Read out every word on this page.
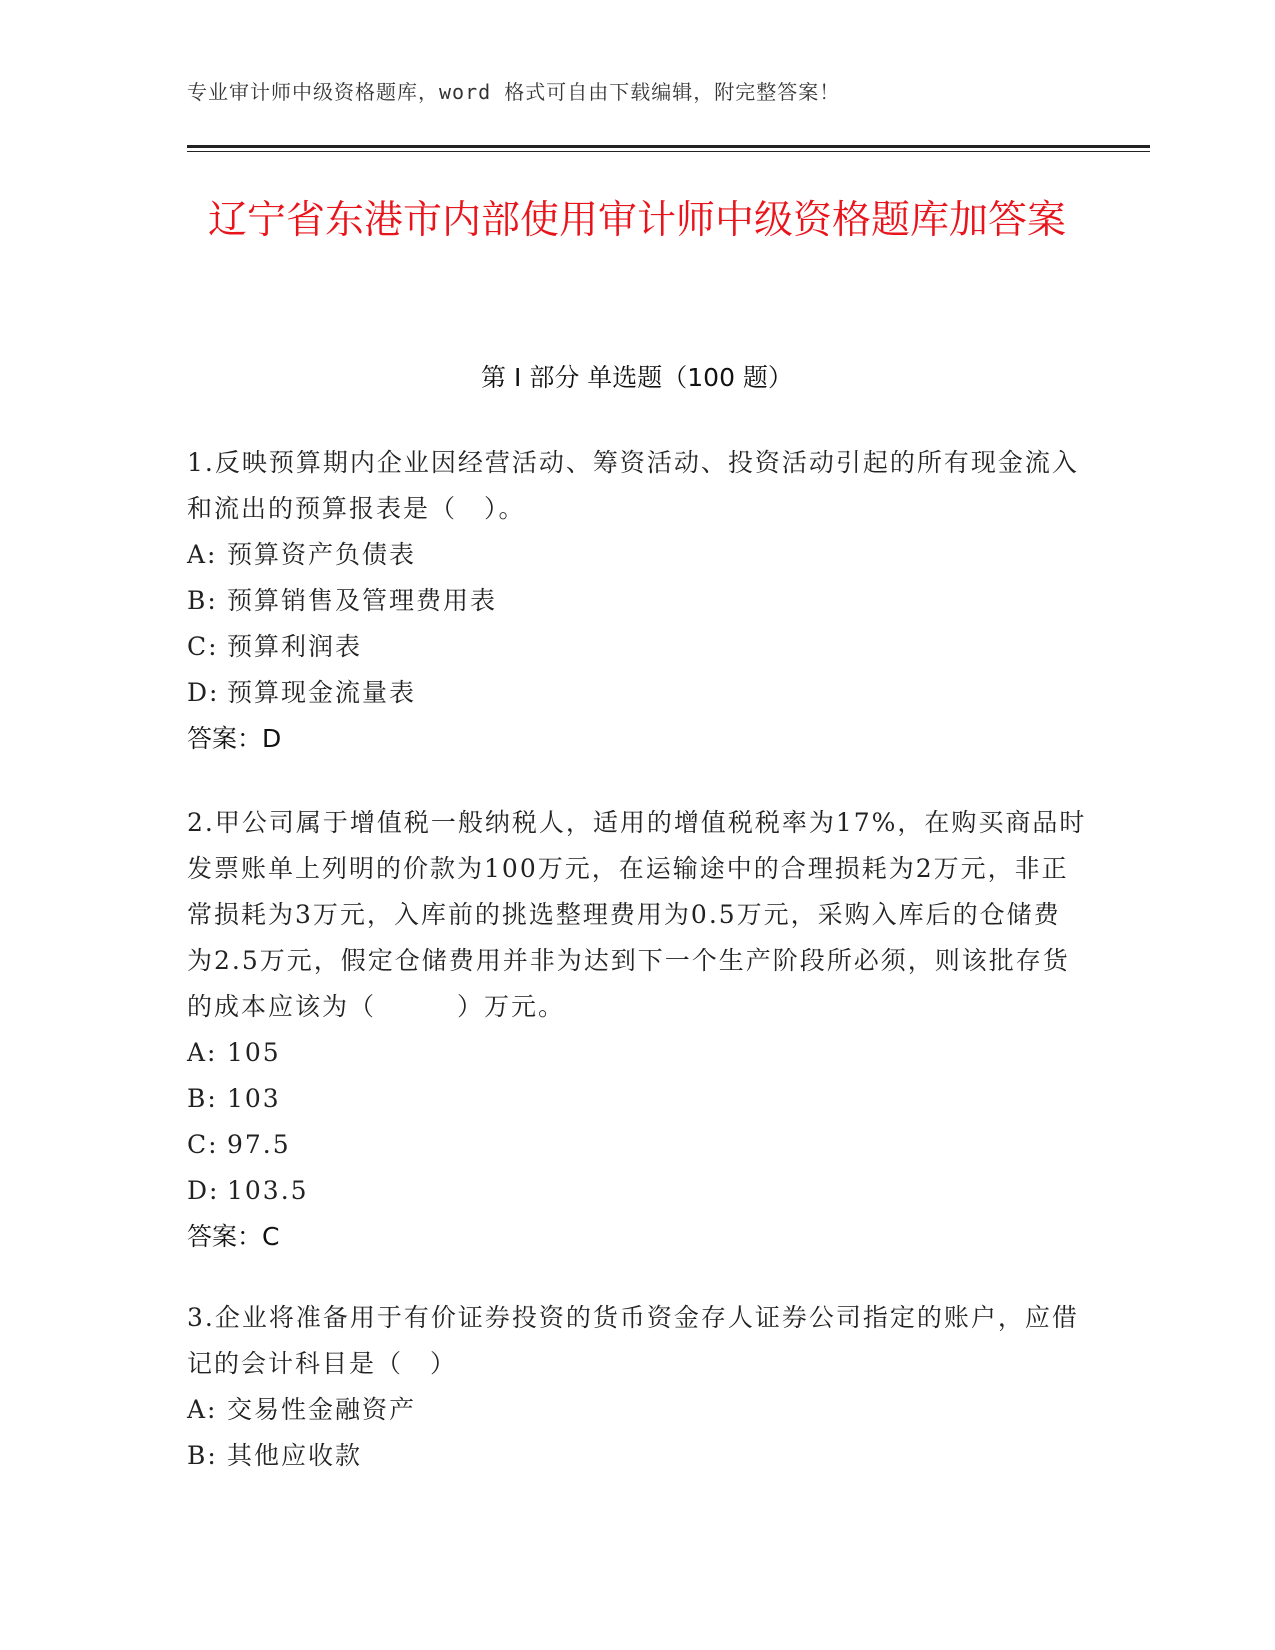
专业审计师中级资格题库，word 格式可自由下载编辑，附完整答案！
辽宁省东港市内部使用审计师中级资格题库加答案
第 I 部分 单选题（100 题）

1.反映预算期内企业因经营活动、筹资活动、投资活动引起的所有现金流入和流出的预算报表是（　）。

A: 预算资产负债表

B: 预算销售及管理费用表

C: 预算利润表

D: 预算现金流量表

答案：D

2.甲公司属于增值税一般纳税人，适用的增值税税率为17%，在购买商品时发票账单上列明的价款为100万元，在运输途中的合理损耗为2万元，非正常损耗为3万元，入库前的挑选整理费用为0.5万元，采购入库后的仓储费为2.5万元，假定仓储费用并非为达到下一个生产阶段所必须，则该批存货的成本应该为（　　　）万元。

A: 105

B: 103

C: 97.5

D: 103.5

答案：C

3.企业将准备用于有价证券投资的货币资金存人证券公司指定的账户，应借记的会计科目是（　）

A: 交易性金融资产

B: 其他应收款
